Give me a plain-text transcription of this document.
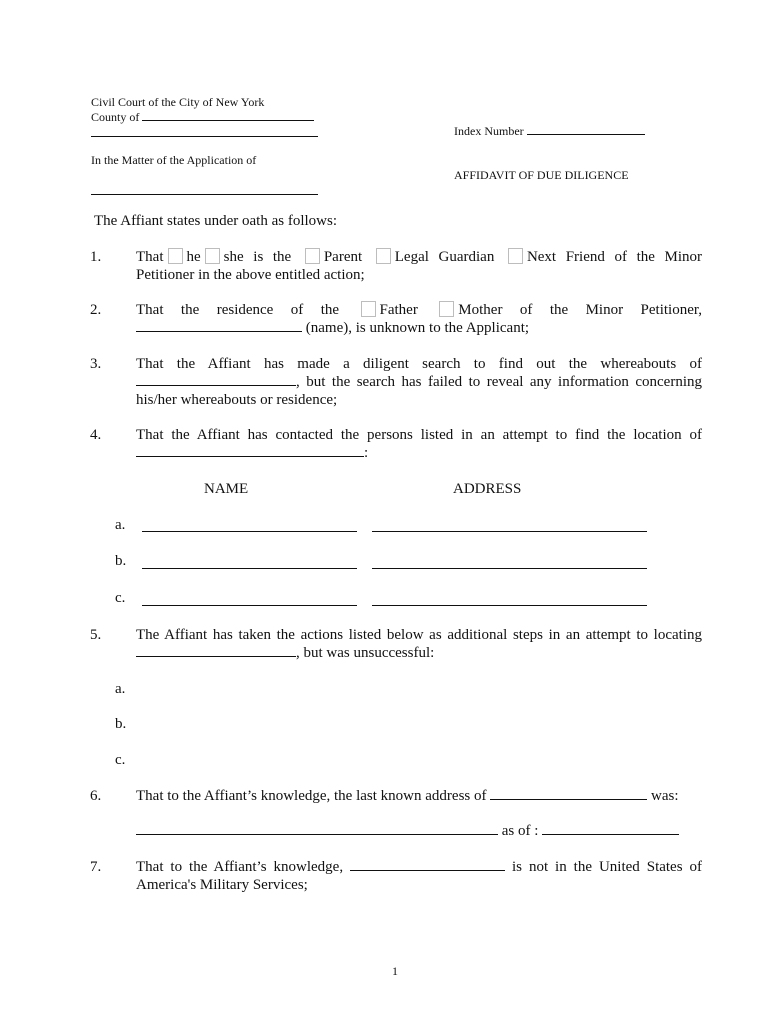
Civil Court of the City of New York
County of
Index Number
In the Matter of the Application of
AFFIDAVIT OF DUE DILIGENCE
The Affiant states under oath as follows:
1. That he she is the Parent Legal Guardian Next Friend of the Minor
Petitioner in the above entitled action;
2. That the residence of the	Father	Mother of the Minor Petitioner,
(name), is unknown to the Applicant;
3. That the Affiant has made a diligent search to find out the whereabouts of
, but the search has failed to reveal any information concerning
his/her whereabouts or residence;
4. That the Affiant has contacted the persons listed in an attempt to find the location of
:
NAME	ADDRESS
a.
b.
c.
5. The Affiant has taken the actions listed below as additional steps in an attempt to locating
, but was unsuccessful:
a.
b.
c.
6. That to the Affiant’s knowledge, the last known address of	was:
as of :
7. That to the Affiant’s knowledge,	is not in the United States of
America's Military Services;
1
